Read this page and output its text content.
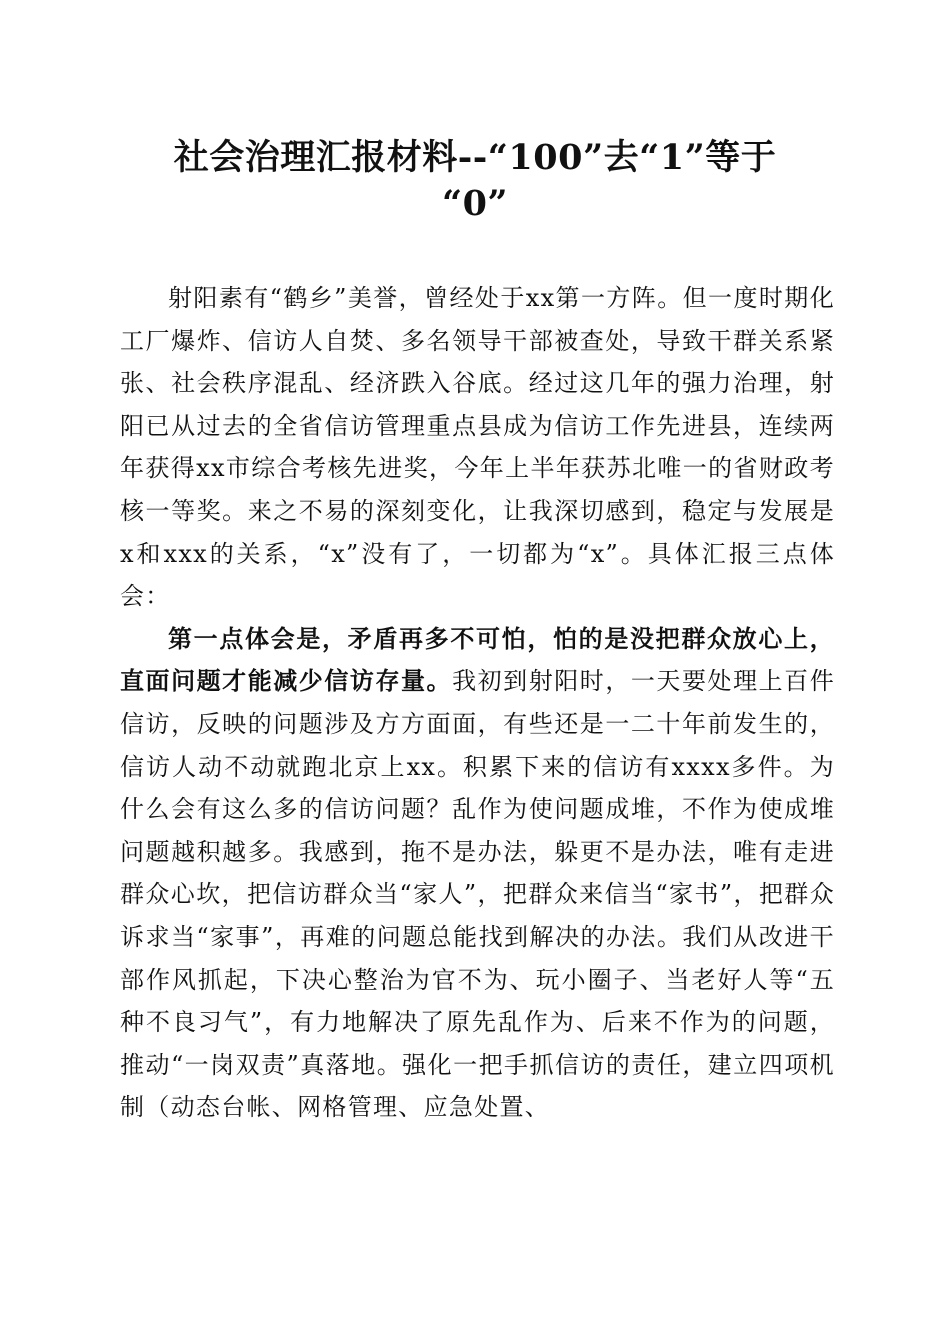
社会治理汇报材料--“100”去“1”等于
“0”

射阳素有“鹤乡”美誉，曾经处于xx第一方阵。但一度时期化工厂爆炸、信访人自焚、多名领导干部被查处，导致干群关系紧张、社会秩序混乱、经济跌入谷底。经过这几年的强力治理，射阳已从过去的全省信访管理重点县成为信访工作先进县，连续两年获得xx市综合考核先进奖，今年上半年获苏北唯一的省财政考核一等奖。来之不易的深刻变化，让我深切感到，稳定与发展是x和xxx的关系，“x”没有了，一切都为“x”。具体汇报三点体会：

第一点体会是，矛盾再多不可怕，怕的是没把群众放心上，直面问题才能减少信访存量。我初到射阳时，一天要处理上百件信访，反映的问题涉及方方面面，有些还是一二十年前发生的，信访人动不动就跑北京上xx。积累下来的信访有xxxx多件。为什么会有这么多的信访问题？乱作为使问题成堆，不作为使成堆问题越积越多。我感到，拖不是办法，躲更不是办法，唯有走进群众心坎，把信访群众当“家人”，把群众来信当“家书”，把群众诉求当“家事”，再难的问题总能找到解决的办法。我们从改进干部作风抓起，下决心整治为官不为、玩小圈子、当老好人等“五种不良习气”，有力地解决了原先乱作为、后来不作为的问题，推动“一岗双责”真落地。强化一把手抓信访的责任，建立四项机制（动态台帐、网格管理、应急处置、
